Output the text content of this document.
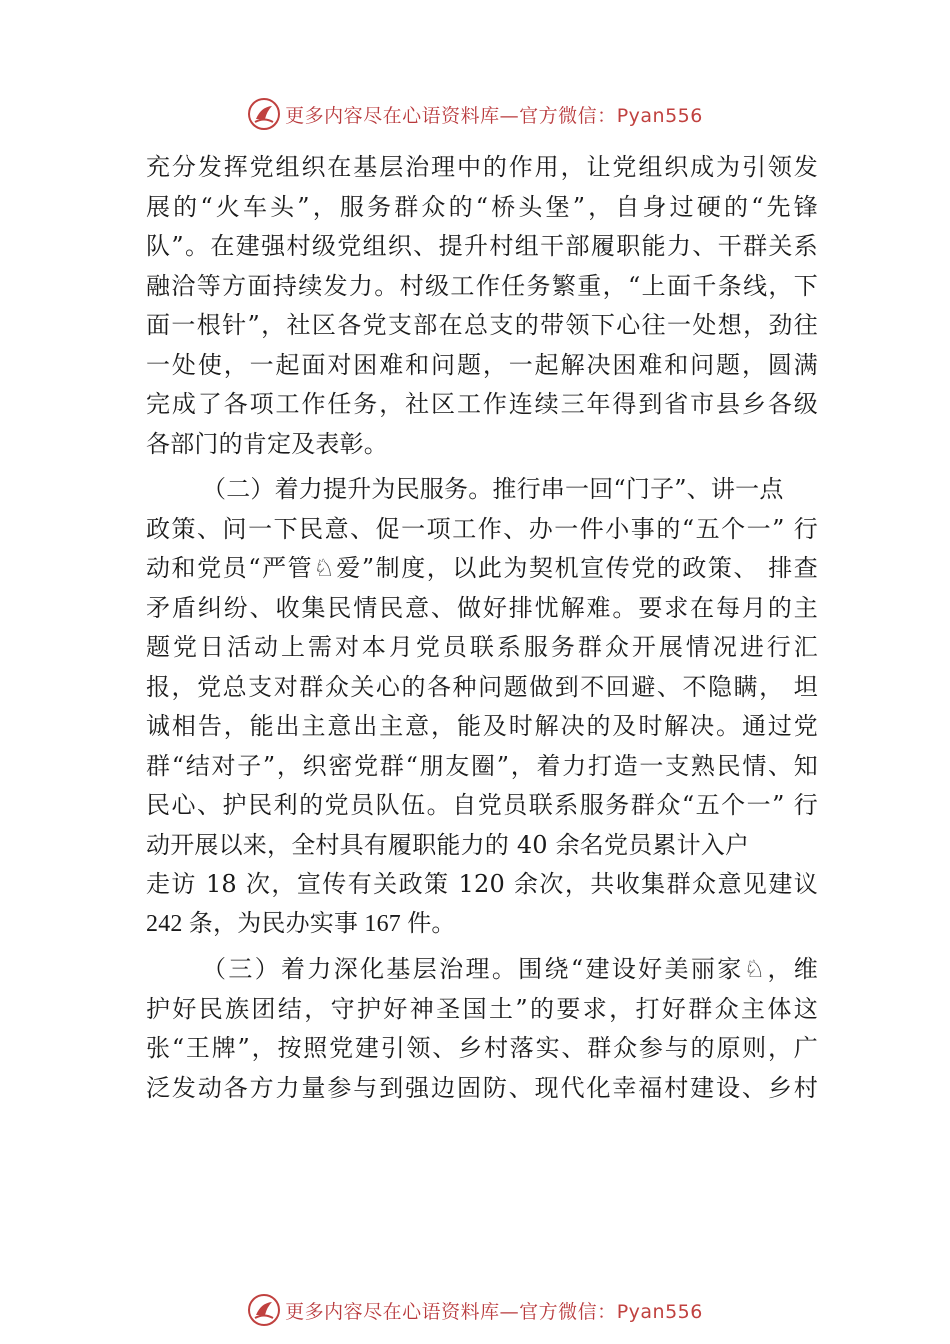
更多内容尽在心语资料库—官方微信：Pyan556
充分发挥党组织在基层治理中的作用，让党组织成为引领发
展的“火车头”，服务群众的“桥头堡”，自身过硬的“先锋
队”。在建强村级党组织、提升村组干部履职能力、干群关系
融洽等方面持续发力。村级工作任务繁重，“上面千条线，下
面一根针”，社区各党支部在总支的带领下心往一处想，劲往
一处使，一起面对困难和问题，一起解决困难和问题，圆满
完成了各项工作任务，社区工作连续三年得到省市县乡各级
各部门的肯定及表彰。
（二）着力提升为民服务。推行串一回“门子”、讲一点
政策、问一下民意、促一项工作、办一件小事的“五个一” 行
动和党员“严管♘爱”制度，以此为契机宣传党的政策、 排查
矛盾纠纷、收集民情民意、做好排忧解难。要求在每月的主
题党日活动上需对本月党员联系服务群众开展情况进行汇
报，党总支对群众关心的各种问题做到不回避、不隐瞒， 坦
诚相告，能出主意出主意，能及时解决的及时解决。通过党
群“结对子”，织密党群“朋友圈”，着力打造一支熟民情、知
民心、护民利的党员队伍。自党员联系服务群众“五个一” 行
动开展以来，全村具有履职能力的 40 余名党员累计入户
走访 18 次，宣传有关政策 120 余次，共收集群众意见建议
242 条，为民办实事 167 件。
（三）着力深化基层治理。围绕“建设好美丽家♘，维
护好民族团结，守护好神圣国土”的要求，打好群众主体这
张“王牌”，按照党建引领、乡村落实、群众参与的原则，广
泛发动各方力量参与到强边固防、现代化幸福村建设、乡村
更多内容尽在心语资料库—官方微信：Pyan556
